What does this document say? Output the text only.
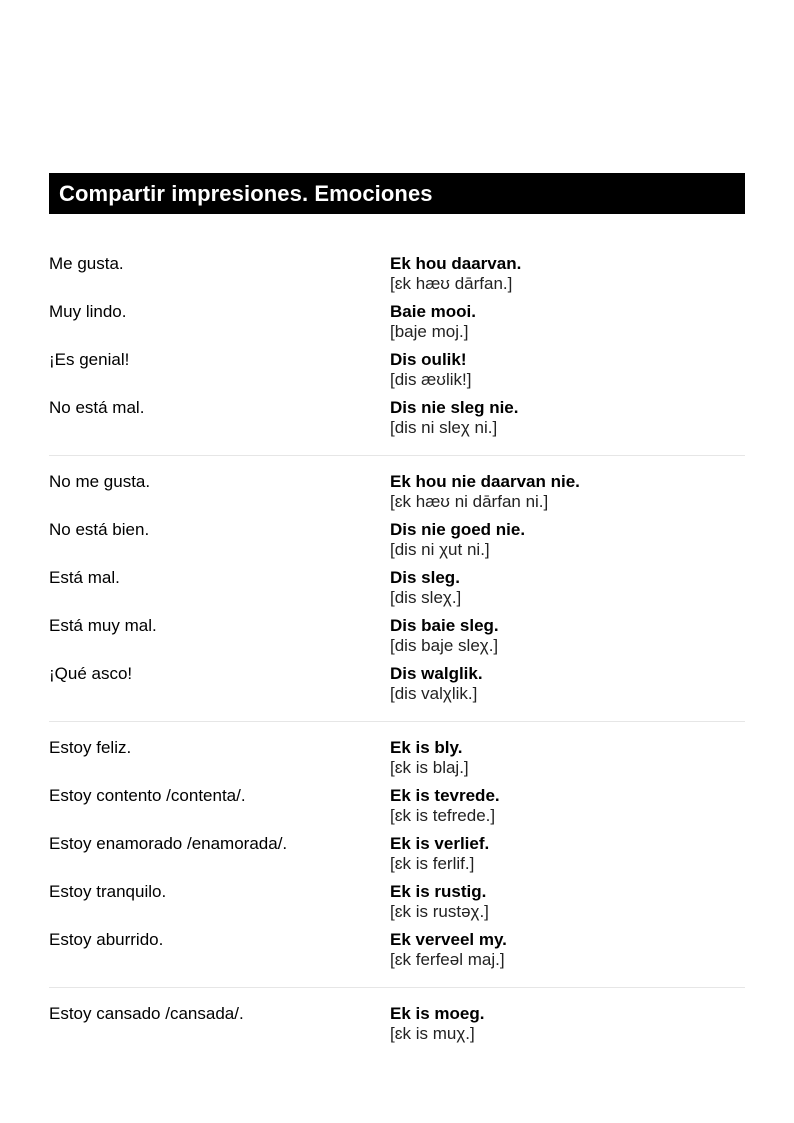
Compartir impresiones. Emociones
Me gusta.	Ek hou daarvan.
[ɛk hæʊ dārfan.]
Muy lindo.	Baie mooi.
[baje moj.]
¡Es genial!	Dis oulik!
[dis æʊlik!]
No está mal.	Dis nie sleg nie.
[dis ni sleχ ni.]
No me gusta.	Ek hou nie daarvan nie.
[ɛk hæʊ ni dārfan ni.]
No está bien.	Dis nie goed nie.
[dis ni χut ni.]
Está mal.	Dis sleg.
[dis sleχ.]
Está muy mal.	Dis baie sleg.
[dis baje sleχ.]
¡Qué asco!	Dis walglik.
[dis valχlik.]
Estoy feliz.	Ek is bly.
[ɛk is blaj.]
Estoy contento /contenta/.	Ek is tevrede.
[ɛk is tefrede.]
Estoy enamorado /enamorada/.	Ek is verlief.
[ɛk is ferlif.]
Estoy tranquilo.	Ek is rustig.
[ɛk is rustəχ.]
Estoy aburrido.	Ek verveel my.
[ɛk ferfeəl maj.]
Estoy cansado /cansada/.	Ek is moeg.
[ɛk is muχ.]
